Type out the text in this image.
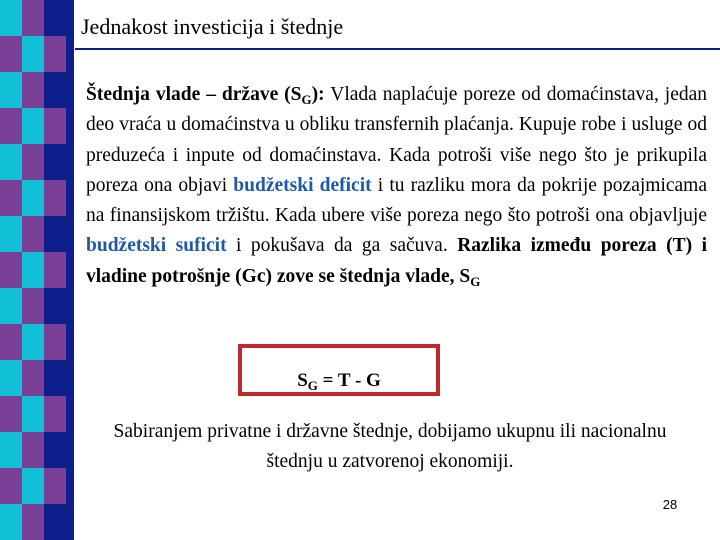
Jednakost investicija i štednje
Štednja vlade – države $(S_G)$: Vlada naplaćuje poreze od domaćinstava, jedan deo vraća u domaćinstva u obliku transfernih plaćanja. Kupuje robe i usluge od preduzeća i inpute od domaćinstava. Kada potroši više nego što je prikupila poreza ona objavi budžetski deficit i tu razliku mora da pokrije pozajmicama na finansijskom tržištu. Kada ubere više poreza nego što potroši ona objavljuje budžetski suficit i pokušava da ga sačuva. Razlika između poreza (T) i vladine potrošnje (Gc) zove se štednja vlade, $S_G$
$S_G = T - G$
Sabiranjem privatne i državne štednje, dobijamo ukupnu ili nacionalnu štednju u zatvorenoj ekonomiji.
28
